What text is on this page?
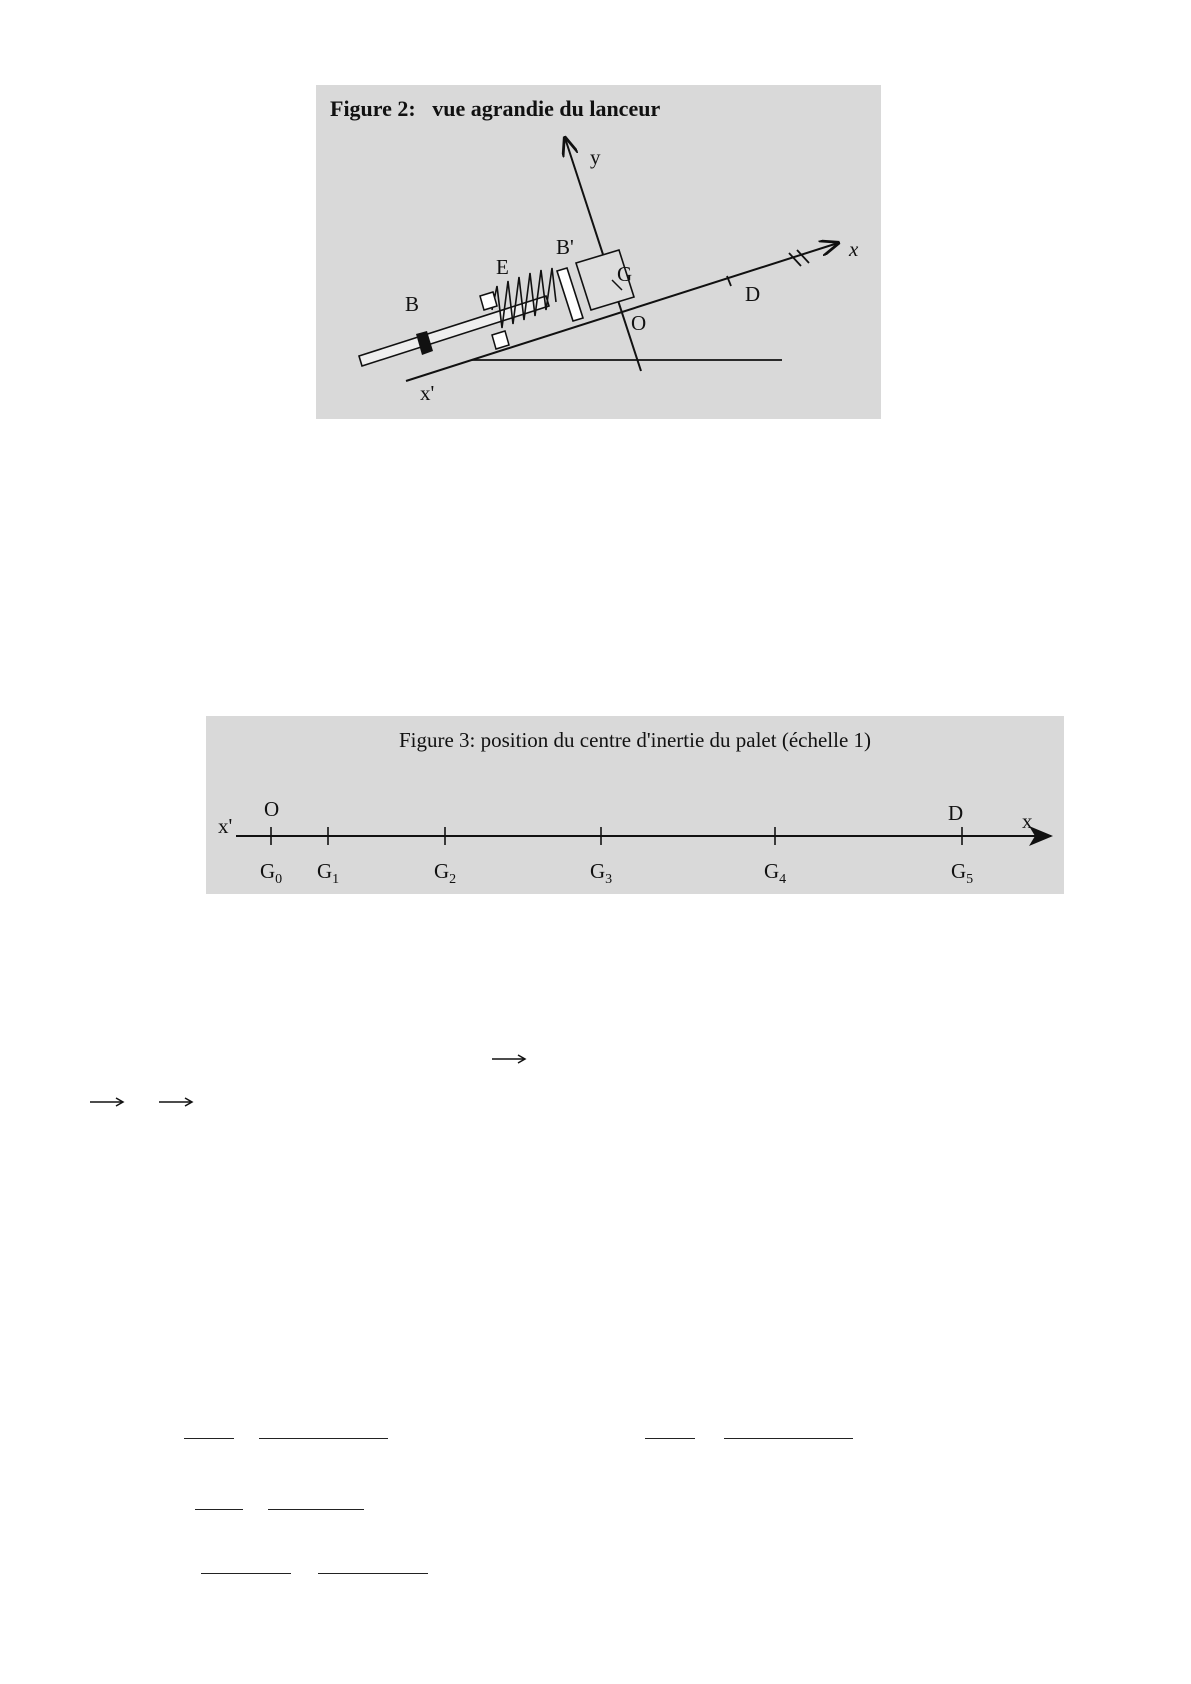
Figure 2:   vue agrandie du lanceur
y
x
x'
B
B'
E	G
O
D
Figure 3: position du centre d'inertie du palet (échelle 1)
x'	x
O	D
$G_0$ $G_1$	$G_2$	$G_3$	$G_4$	$G_5$
